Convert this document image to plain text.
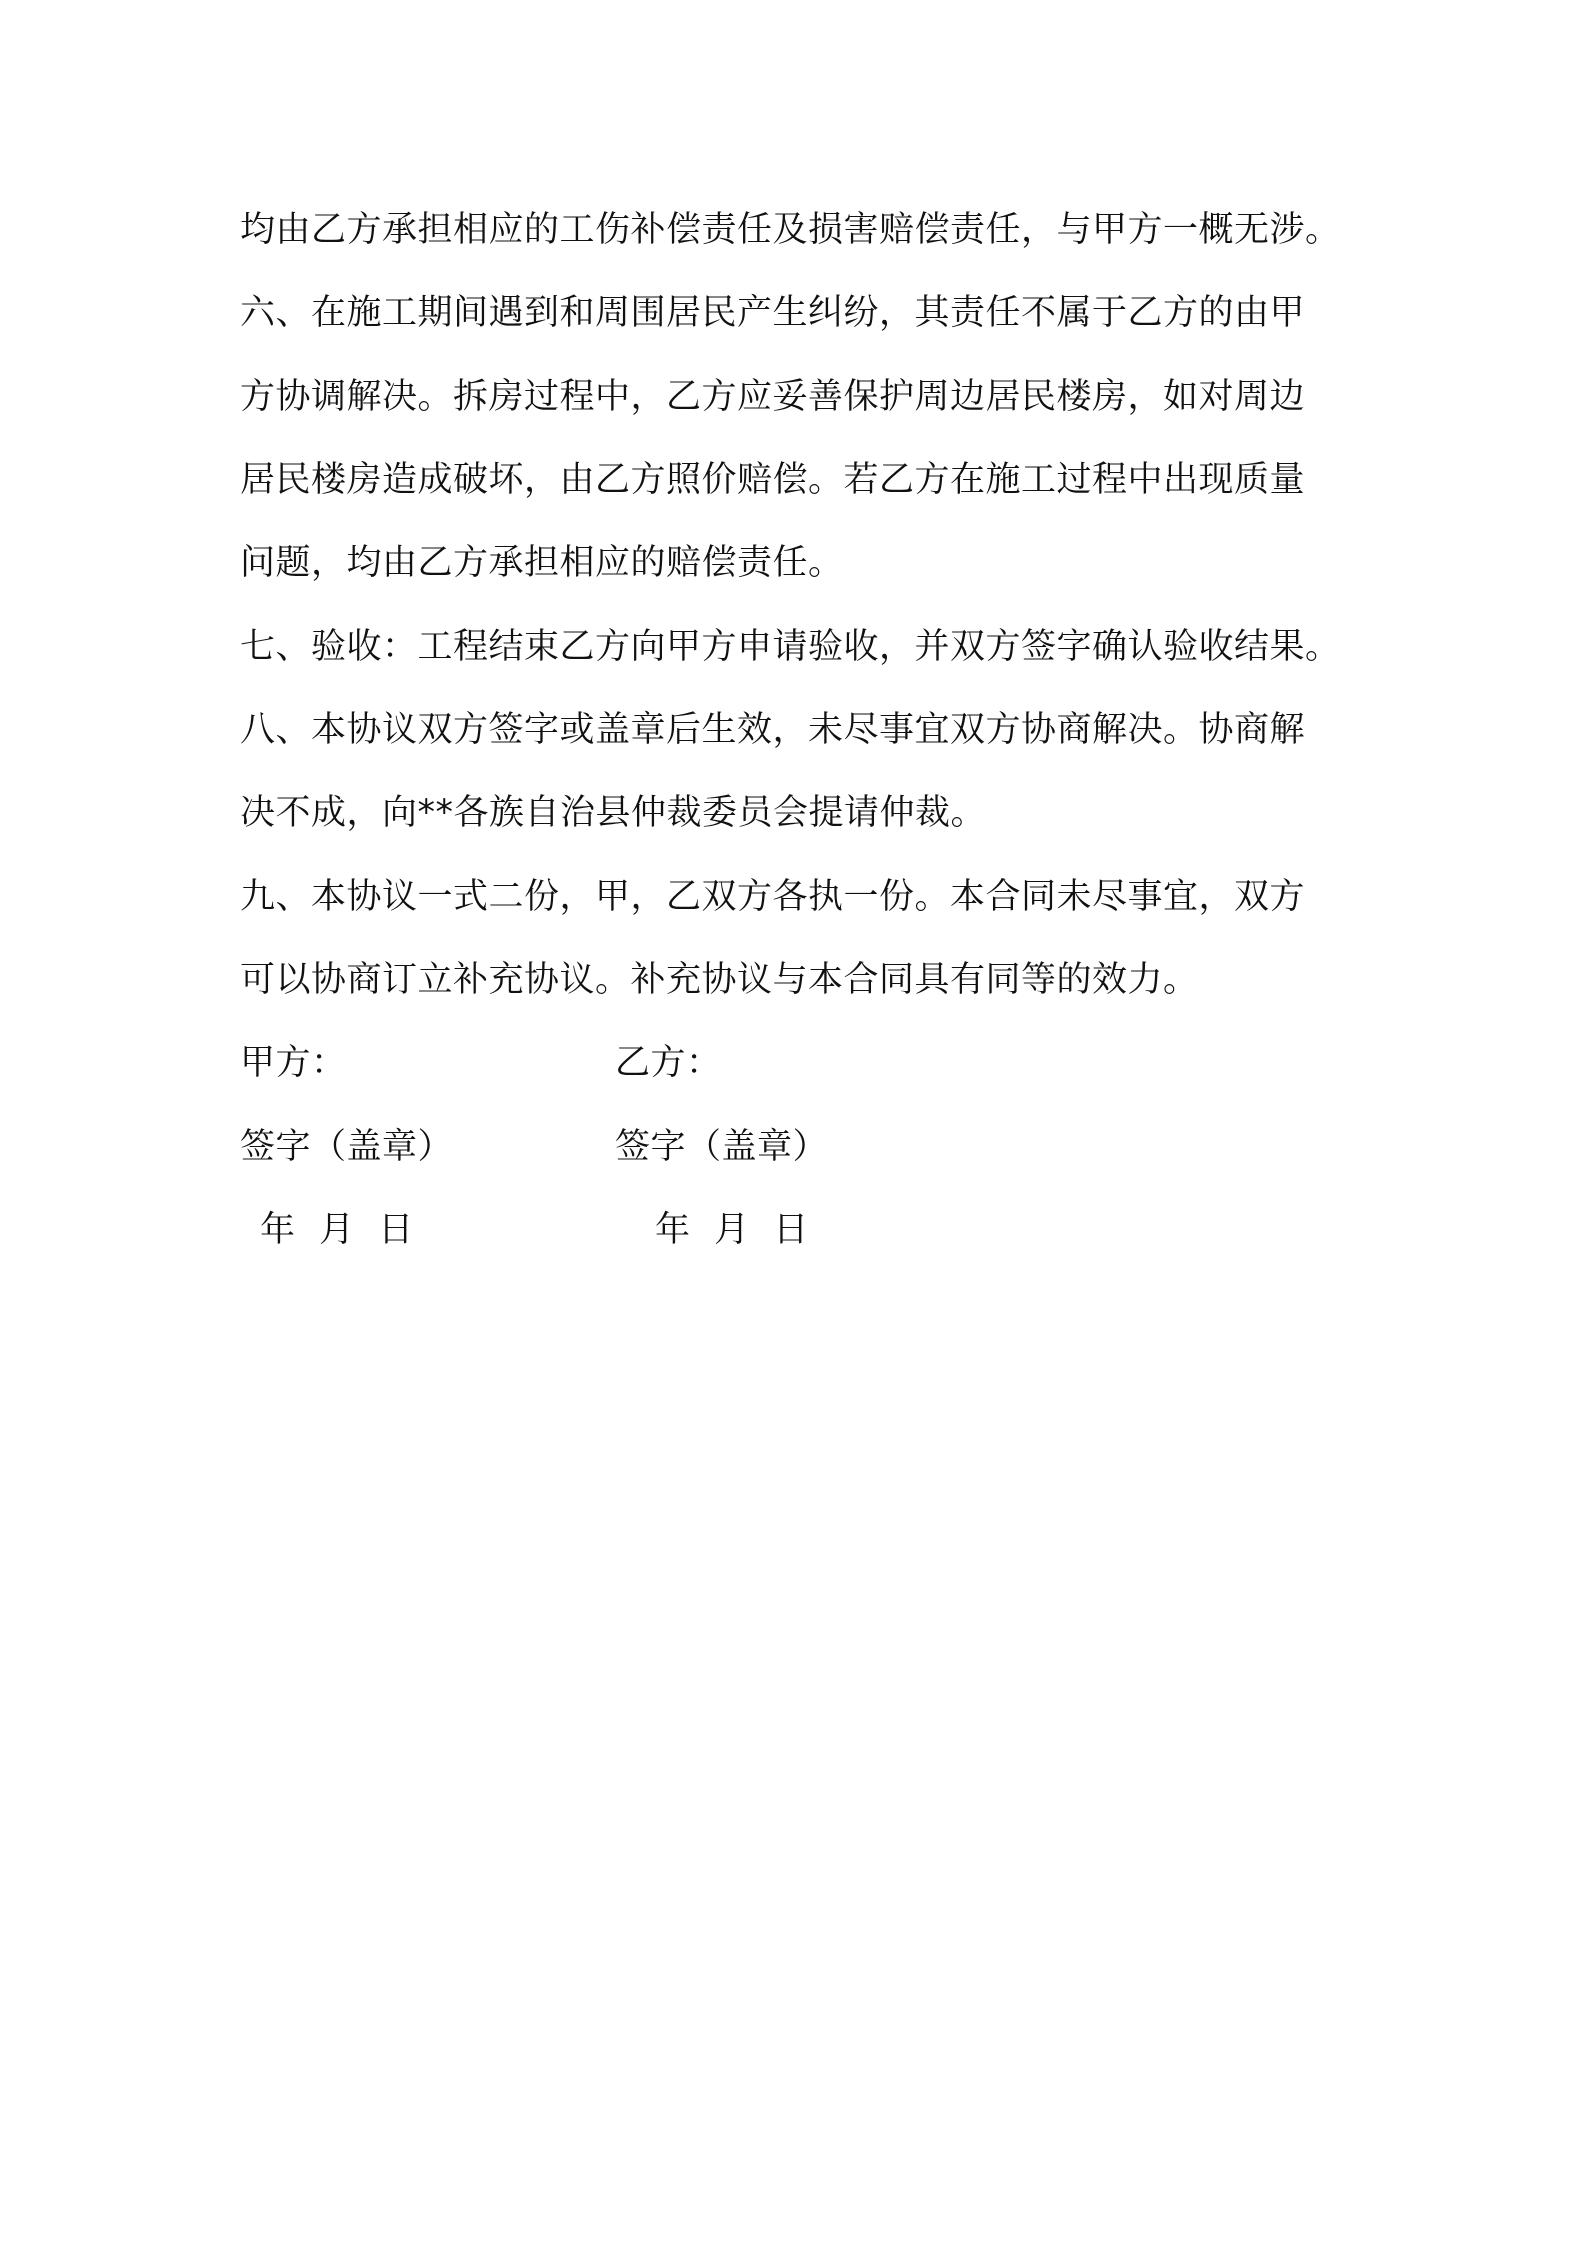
均由乙方承担相应的工伤补偿责任及损害赔偿责任，与甲方一概无涉。
六、在施工期间遇到和周围居民产生纠纷，其责任不属于乙方的由甲
方协调解决。拆房过程中，乙方应妥善保护周边居民楼房，如对周边
居民楼房造成破坏，由乙方照价赔偿。若乙方在施工过程中出现质量
问题，均由乙方承担相应的赔偿责任。
七、验收：工程结束乙方向甲方申请验收，并双方签字确认验收结果。
八、本协议双方签字或盖章后生效，未尽事宜双方协商解决。协商解
决不成，向**各族自治县仲裁委员会提请仲裁。
九、本协议一式二份，甲，乙双方各执一份。本合同未尽事宜，双方
可以协商订立补充协议。补充协议与本合同具有同等的效力。
甲方：	乙方：
签字（盖章）	签字（盖章）
年 月 日	年 月 日
